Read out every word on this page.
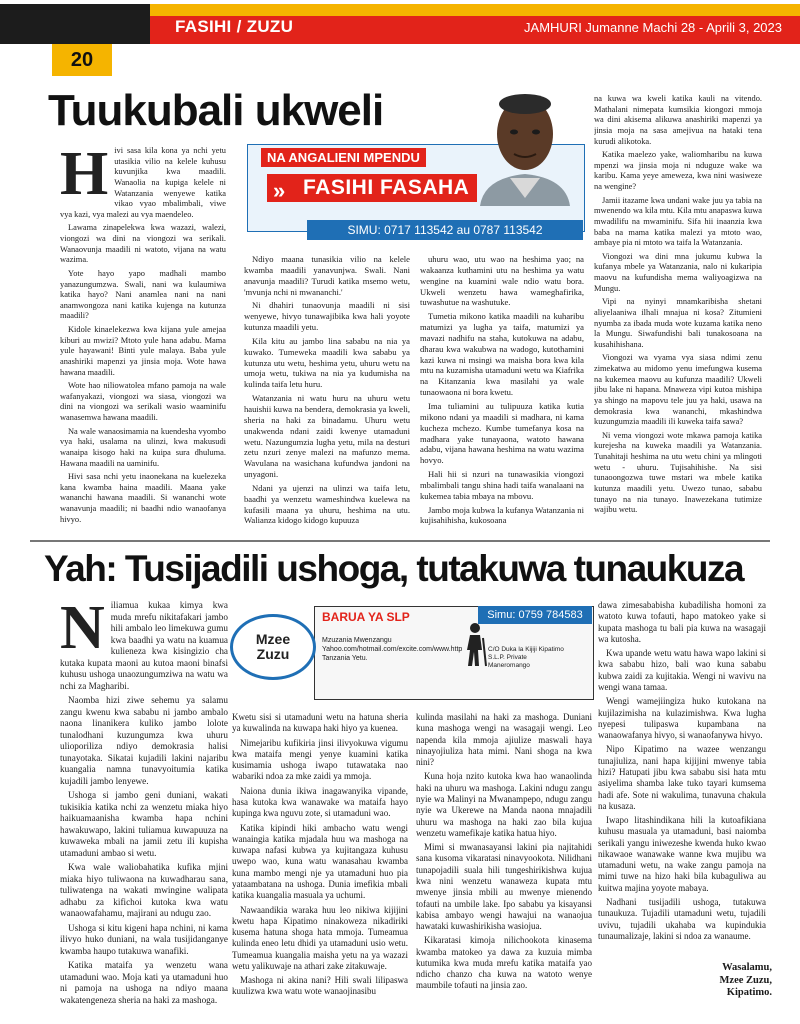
FASIHI / ZUZU	JAMHURI Jumanne Machi 28 - Aprili 3, 2023
20
Tuukubali ukweli
NA ANGALIENI MPENDU
FASIHI FASAHA
»
SIMU: 0717 113542 au 0787 113542
H ivi sasa kila kona ya nchi yetu utasikia vilio na kelele kuhusu kuvunjika kwa maadili. Wanaolia na kupiga kelele ni Watanzania wenyewe katika vikao vyao mbalimbali, viwe vya kazi, vya malezi au vya maendeleo.

Lawama zinapelekwa kwa wazazi, walezi, viongozi wa dini na viongozi wa serikali. Wanaovunja maadili ni watoto, vijana na watu wazima.

Yote hayo yapo madhali mambo yanazungumzwa. Swali, nani wa kulaumiwa katika hayo? Nani anamlea nani na nani anamwongoza nani katika kujenga na kutunza maadili?

Kidole kinaelekezwa kwa kijana yule amejaa kiburi au mwizi? Mtoto yule hana adabu. Mama yule hayawani! Binti yule malaya. Baba yule anashiriki mapenzi ya jinsia moja. Wote hawa hawana maadili.

Wote hao niliowatolea mfano pamoja na wale wafanyakazi, viongozi wa siasa, viongozi wa dini na viongozi wa serikali wasio waaminifu wanasemwa hawana maadili.

Na wale wanaosimamia na kuendesha vyombo vya haki, usalama na ulinzi, kwa makusudi wanaipa kisogo haki na kuipa sura dhuluma. Hawana maadili na uaminifu.

Hivi sasa nchi yetu inaonekana na kuelezeka kana kwamba haina maadili. Maana yake wananchi hawana maadili. Si wananchi wote wanavunja maadili; ni baadhi ndio wanaofanya hivyo.

Ndiyo maana tunasikia vilio na kelele kwamba maadili yanavunjwa. Swali. Nani anavunja maadili? Turudi katika msemo wetu, 'mvunja nchi ni mwananchi.'

Ni dhahiri tunaovunja maadili ni sisi wenyewe, hivyo tunawajibika kwa hali yoyote kutunza maadili yetu.

Kila kitu au jambo lina sababu na nia ya kuwako. Tumeweka maadili kwa sababu ya kutunza utu wetu, heshima yetu, uhuru wetu na umoja wetu, tukiwa na nia ya kudumisha na kulinda taifa letu huru.

Watanzania ni watu huru na uhuru wetu hauishii kuwa na bendera, demokrasia ya kweli, sheria na haki za binadamu. Uhuru wetu unakwenda ndani zaidi kwenye utamaduni wetu. Nazungumzia lugha yetu, mila na desturi zetu nzuri zenye malezi na mafunzo mema. Wavulana na wasichana kufundwa jandoni na unyagoni.

Ndani ya ujenzi na ulinzi wa taifa letu, baadhi ya wenzetu wameshindwa kuelewa na kufasili maana ya uhuru, heshima na utu. Walianza kidogo kidogo kupuuza

uhuru wao, utu wao na heshima yao; na wakaanza kuthamini utu na heshima ya watu wengine na kuamini wale ndio watu bora. Ukweli wenzetu hawa wameghafirika, tuwashutue na washutuke.

Tumetia mikono katika maadili na kuharibu matumizi ya lugha ya taifa, matumizi ya mavazi nadhifu na staha, kutokuwa na adabu, dharau kwa wakubwa na wadogo, kutothamini kazi kuwa ni msingi wa maisha bora kwa kila mtu na kuzamisha utamaduni wetu wa Kiafrika na Kitanzania kwa masilahi ya wale tunaowaona ni bora kwetu.

Ima tuliamini au tulipuuza katika kutia mikono ndani ya maadili si madhara, ni kama kucheza mchezo. Kumbe tumefanya kosa na madhara yake tunayaona, watoto hawana adabu, vijana hawana heshima na watu wazima hovyo.

Hali hii si nzuri na tunawasikia viongozi mbalimbali tangu shina hadi taifa wanalaani na kukemea tabia mbaya na mbovu.

Jambo moja kubwa la kufanya Watanzania ni kujisahihisha, kukosoana

na kuwa wa kweli katika kauli na vitendo. Mathalani nimepata kumsikia kiongozi mmoja wa dini akisema alikuwa anashiriki mapenzi ya jinsia moja na sasa amejivua na hataki tena kurudi alikotoka.

Katika maelezo yake, waliomharibu na kuwa mpenzi wa jinsia moja ni nduguze wake wa karibu. Kama yeye ameweza, kwa nini wasiweze na wengine?

Jamii itazame kwa undani wake juu ya tabia na mwenendo wa kila mtu. Kila mtu anapaswa kuwa mwadilifu na mwaminifu. Sifa hii inaanzia kwa baba na mama katika malezi ya mtoto wao, ambaye pia ni mtoto wa taifa la Watanzania.

Viongozi wa dini mna jukumu kubwa la kufanya mbele ya Watanzania, nalo ni kukaripia maovu na kufundisha mema waliyoagizwa na Mungu.

Vipi na nyinyi mnamkaribisha shetani aliyelaaniwa ilhali mnajua ni kosa? Zitumieni nyumba za ibada muda wote kuzama katika neno la Mungu. Siwafundishi bali tunakosoana na kusahihishana.

Viongozi wa vyama vya siasa ndimi zenu zimekatwa au midomo yenu imefungwa kusema na kukemea maovu au kufunza maadili? Ukweli jibu lake ni hapana. Mnaweza vipi kutoa mishipa ya shingo na mapovu tele juu ya haki, usawa na demokrasia kwa wananchi, mkashindwa kuzungumzia maadili ili kuweka taifa sawa?

Ni vema viongozi wote mkawa pamoja katika kurejesha na kuweka maadili ya Watanzania. Tunahitaji heshima na utu wetu chini ya mlingoti wetu - uhuru. Tujisahihishe. Na sisi tunaoongozwa tuwe mstari wa mbele katika kutunza maadili yetu. Uwezo tunao, sababu tunayo na nia tunayo. Inawezekana tutimize wajibu wetu.

Yah: Tusijadili ushoga, tutakuwa tunaukuza
Mzee
Zuzu
BARUA YA SLP	Simu: 0759 784583
Mzuzania Mwenzangu
Yahoo.com/hotmail.com/excite.com/www.http
Tanzania Yetu.
C/O Duka la Kijiji Kipatimo
S.L.P. Private
Maneromango
N iliamua kukaa kimya kwa muda mrefu nikitafakari jambo hili ambalo leo limekuwa gumu kwa baadhi ya watu na kuamua kulieneza kwa kisingizio cha kutaka kupata maoni au kutoa maoni binafsi kuhusu ushoga unaozungumziwa na watu wa nchi za Magharibi.

Naomba hizi ziwe sehemu ya salamu zangu kwenu kwa sababu ni jambo ambalo naona linanikera kuliko jambo lolote tunalodhani kuzungumza kwa uhuru ulioporiliza ndiyo demokrasia halisi tunayotaka. Sikatai kujadili lakini najaribu kuangalia namna tunavyoitumia katika kujadili jambo lenyewe.

Ushoga si jambo geni duniani, wakati tukisikia katika nchi za wenzetu miaka hiyo haikuamaanisha kwamba hapa nchini hawakuwapo, lakini tuliamua kuwapuuza na kuwaweka mbali na jamii zetu ili kupisha utamaduni ambao si wetu.

Kwa wale waliobahatika kufika mjini miaka hiyo tuliwaona na kuwadharau sana, tuliwatenga na wakati mwingine walipata adhabu za kifichoi kutoka kwa watu wanaowafahamu, majirani au ndugu zao.

Ushoga si kitu kigeni hapa nchini, ni kama ilivyo huko duniani, na wala tusijidanganye kwamba haupo tutakuwa wanafiki.

Katika mataifa ya wenzetu wana utamaduni wao. Moja kati ya utamaduni huo ni pamoja na ushoga na ndiyo maana wakatengeneza sheria na haki za mashoga.

Kwetu sisi si utamaduni wetu na hatuna sheria ya kuwalinda na kuwapa haki hiyo ya kuenea.

Nimejaribu kufikiria jinsi ilivyokuwa vigumu kwa mataifa mengi yenye kuamini katika kusimamia ushoga iwapo tutawataka nao wabariki ndoa za mke zaidi ya mmoja.

Naiona dunia ikiwa inagawanyika vipande, hasa kutoka kwa wanawake wa mataifa hayo kupinga kwa nguvu zote, si utamaduni wao.

Katika kipindi hiki ambacho watu wengi wanaingia katika mjadala huu wa mashoga na kuwapa nafasi kubwa ya kujitangaza kuhusu uwepo wao, kuna watu wanasahau kwamba kuna mambo mengi nje ya utamaduni huo pia yataambatana na ushoga. Dunia imefikia mbali katika kuangalia masuala ya uchumi.

Nawaandikia waraka huu leo nikiwa kijijini kwetu hapa Kipatimo ninakoweza nikadiriki kusema hatuna shoga hata mmoja. Tumeamua kulinda eneo letu dhidi ya utamaduni usio wetu. Tumeamua kuangalia maisha yetu na ya wazazi wetu yalikuwaje na athari zake zitakuwaje.

Mashoga ni akina nani? Hili swali lilipaswa kuulizwa kwa watu wote wanaojinasibu

kulinda masilahi na haki za mashoga. Duniani kuna mashoga wengi na wasagaji wengi. Leo napenda kila mmoja ajiulize maswali haya ninayojiuliza hata mimi. Nani shoga na kwa nini?

Kuna hoja nzito kutoka kwa hao wanaolinda haki na uhuru wa mashoga. Lakini ndugu zangu nyie wa Malinyi na Mwanampepo, ndugu zangu nyie wa Ukerewe na Manda naona mnajadili uhuru wa mashoga na haki zao bila kujua wenzetu wamefikaje katika hatua hiyo.

Mimi si mwanasayansi lakini pia najitahidi sana kusoma vikaratasi ninavyookota. Nilidhani tunapojadili suala hili tungeshirikishwa kujua kwa nini wenzetu wanaweza kupata mtu mwenye jinsia mbili au mwenye mienendo tofauti na umbile lake. Ipo sababu ya kisayansi kabisa ambayo wengi hawajui na wanaojua hawataki kuwashirikisha wasiojua.

Kikaratasi kimoja nilichookota kinasema kwamba matokeo ya dawa za kuzuia mimba kutumika kwa muda mrefu katika mataifa yao ndicho chanzo cha kuwa na watoto wenye maumbile tofauti na jinsia zao.

dawa zimesababisha kubadilisha homoni za watoto kuwa tofauti, hapo matokeo yake si kupata mashoga tu bali pia kuwa na wasagaji wa kutosha.

Kwa upande wetu watu hawa wapo lakini si kwa sababu hizo, bali wao kuna sababu kubwa zaidi za kujitakia. Wengi ni wavivu na wengi wana tamaa.

Wengi wamejiingiza huko kutokana na kujilazimisha na kulazimishwa. Kwa lugha nyepesi tulipaswa kupambana na wanaowafanya hivyo, si wanaofanywa hivyo.

Nipo Kipatimo na wazee wenzangu tunajiuliza, nani hapa kijijini mwenye tabia hizi? Hatupati jibu kwa sababu sisi hata mtu asiyelima shamba lake tuko tayari kumsema hadi afe. Sote ni wakulima, tunavuna chakula na kusaza.

Iwapo litashindikana hili la kutoafikiana kuhusu masuala ya utamaduni, basi naiomba serikali yangu iniwezeshe kwenda huko kwao nikawaoe wanawake wanne kwa mujibu wa utamaduni wetu, na wake zangu pamoja na mimi tuwe na hizo haki bila kubaguliwa au kuitwa majina yoyote mabaya.

Nadhani tusijadili ushoga, tutakuwa tunaukuza. Tujadili utamaduni wetu, tujadili uvivu, tujadili ukahaba wa kupindukia tunaumalizaje, lakini si ndoa za wanaume.

Wasalamu,
Mzee Zuzu,
Kipatimo.
